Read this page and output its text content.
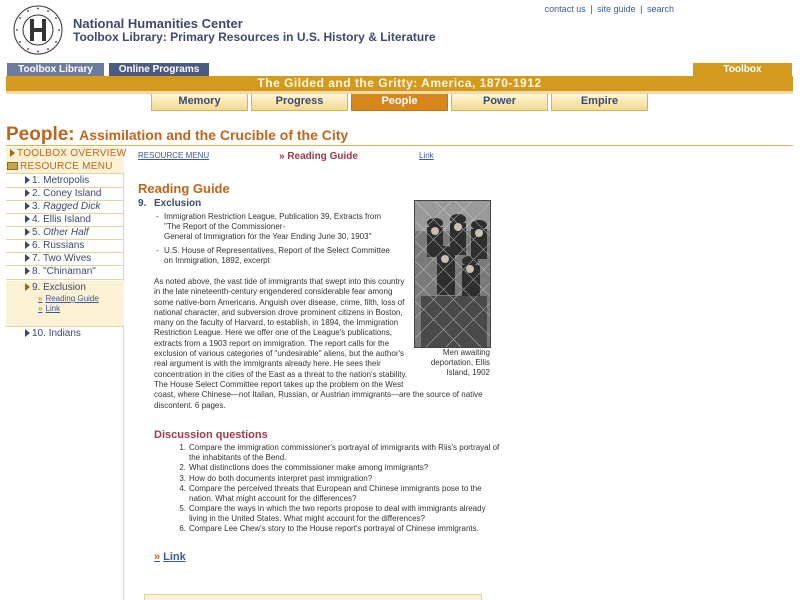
National Humanities Center
Toolbox Library: Primary Resources in U.S. History & Literature
contact us | site guide | search
Toolbox Library	Online Programs	Toolbox
The Gilded and the Gritty: America, 1870-1912
Memory	Progress	People	Power	Empire
People: Assimilation and the Crucible of the City
TOOLBOX OVERVIEW
RESOURCE MENU
1. Metropolis
2. Coney Island
3. Ragged Dick
4. Ellis Island
5. Other Half
6. Russians
7. Two Wives
8. "Chinaman"
9. Exclusion
» Reading Guide
» Link
10. Indians
RESOURCE MENU	» Reading Guide	Link
Reading Guide
9. Exclusion
- Immigration Restriction League, Publication 39, Extracts from
"The Report of the Commissioner-
General of Immigration for the Year Ending June 30, 1903"
- U.S. House of Representatives, Report of the Select Committee
on Immigration, 1892, excerpt
Men awaiting
deportation, Ellis
Island, 1902
As noted above, the vast tide of immigrants that swept into this country
in the late nineteenth-century engendered considerable fear among
some native-born Americans. Anguish over disease, crime, filth, loss of
national character, and subversion drove prominent citizens in Boston,
many on the faculty of Harvard, to establish, in 1894, the Immigration
Restriction League. Here we offer one of the League's publications,
extracts from a 1903 report on immigration. The report calls for the
exclusion of various categories of "undesirable" aliens, but the author's
real argument is with the immigrants already here. He sees their
concentration in the cities of the East as a threat to the nation's stability.
The House Select Committee report takes up the problem on the West
coast, where Chinese—not Italian, Russian, or Austrian immigrants—are the source of native
discontent. 6 pages.
Discussion questions
1. Compare the immigration commissioner's portrayal of immigrants with Riis's portrayal of
the inhabitants of the Bend.
2. What distinctions does the commissioner make among immigrants?
3. How do both documents interpret past immigration?
4. Compare the perceived threats that European and Chinese immigrants pose to the
nation. What might account for the differences?
5. Compare the ways in which the two reports propose to deal with immigrants already
living in the United States. What might account for the differences?
6. Compare Lee Chew's story to the House report's portrayal of Chinese immigrants.
» Link
